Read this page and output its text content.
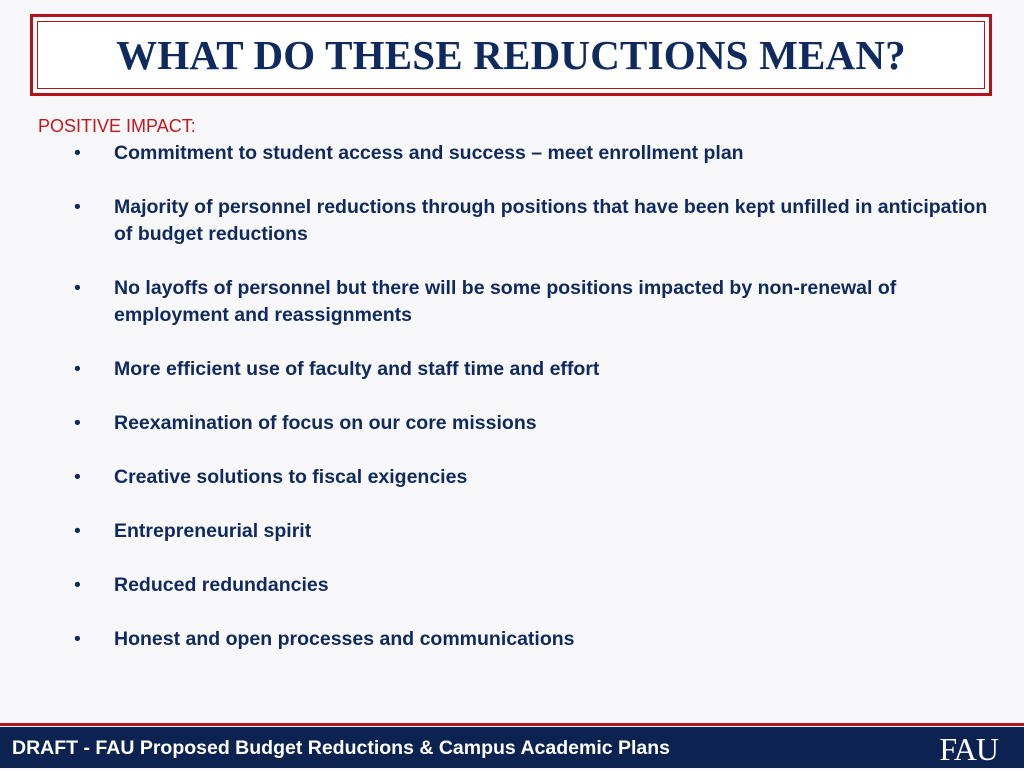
WHAT DO THESE REDUCTIONS MEAN?
POSITIVE IMPACT:
• Commitment to student access and success – meet enrollment plan
• Majority of personnel reductions through positions that have been kept unfilled in anticipation of budget reductions
• No layoffs of personnel but there will be some positions impacted by non-renewal of employment and reassignments
• More efficient use of faculty and staff time and effort
• Reexamination of focus on our core missions
• Creative solutions to fiscal exigencies
• Entrepreneurial spirit
• Reduced redundancies
• Honest and open processes and communications
DRAFT - FAU Proposed Budget Reductions & Campus Academic Plans	FAU
